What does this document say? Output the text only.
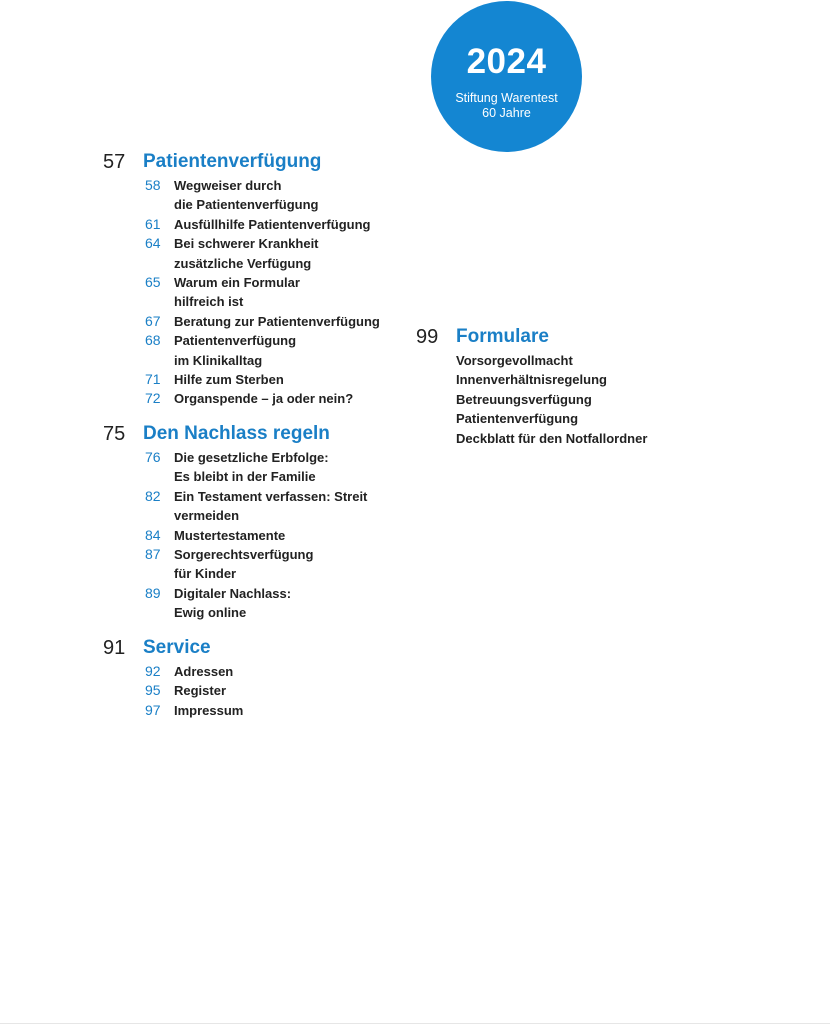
2024
Stiftung Warentest
60 Jahre
57 Patientenverfügung
58 Wegweiser durch
die Patientenverfügung
61 Ausfüllhilfe Patientenverfügung
64 Bei schwerer Krankheit
zusätzliche Verfügung
65 Warum ein Formular
hilfreich ist
67 Beratung zur Patientenverfügung
68 Patientenverfügung
im Klinikalltag
71 Hilfe zum Sterben
72 Organspende – ja oder nein?
75 Den Nachlass regeln
76 Die gesetzliche Erbfolge:
Es bleibt in der Familie
82 Ein Testament verfassen: Streit
vermeiden
84 Mustertestamente
87 Sorgerechtsverfügung
für Kinder
89 Digitaler Nachlass:
Ewig online
91 Service
92 Adressen
95 Register
97 Impressum
99 Formulare
Vorsorgevollmacht
Innenverhältnisregelung
Betreuungsverfügung
Patientenverfügung
Deckblatt für den Notfallordner
